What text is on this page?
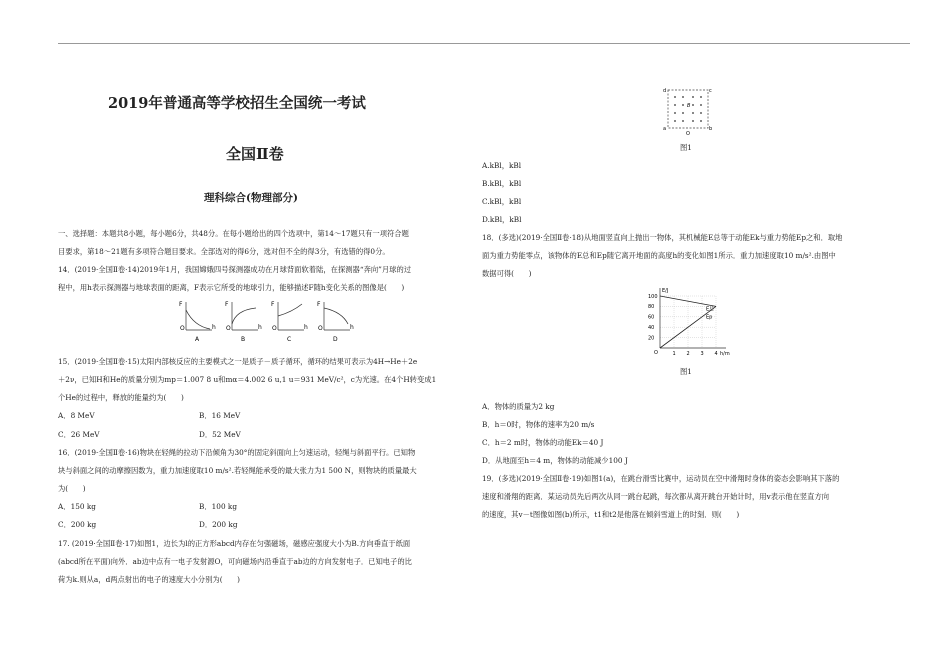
2019年普通高等学校招生全国统一考试
全国Ⅱ卷
理科综合(物理部分)
一、选择题：本题共8小题，每小题6分，共48分。在每小题给出的四个选项中，第14～17题只有一项符合题
目要求，第18～21题有多项符合题目要求。全部选对的得6分，选对但不全的得3分，有选错的得0分。
14．(2019·全国Ⅱ卷·14)2019年1月，我国嫦娥四号探测器成功在月球背面软着陆，在探测器“奔向”月球的过
程中，用h表示探测器与地球表面的距离，F表示它所受的地球引力，能够描述F随h变化关系的图像是(　　)
F
h
O
A
F
h
O
B
F
h
O
C
F
h
O
D
15．(2019·全国Ⅱ卷·15)太阳内部核反应的主要模式之一是质子－质子循环，循环的结果可表示为4H→He＋2e
＋2ν，已知H和He的质量分别为mp＝1.007 8 u和mα＝4.002 6 u,1 u＝931 MeV/c²，c为光速。在4个H转变成1
个He的过程中，释放的能量约为(　　)
A．8 MeV	B．16 MeV
C．26 MeV	D．52 MeV
16．(2019·全国Ⅱ卷·16)物块在轻绳的拉动下沿倾角为30°的固定斜面向上匀速运动，轻绳与斜面平行。已知物
块与斜面之间的动摩擦因数为，重力加速度取10 m/s².若轻绳能承受的最大张力为1 500 N，则物块的质量最大
为(　　)
A．150 kg	B．100 kg
C．200 kg	D．200 kg
17. (2019·全国Ⅱ卷·17)如图1，边长为l的正方形abcd内存在匀强磁场，磁感应强度大小为B.方向垂直于纸面
(abcd所在平面)向外．ab边中点有一电子发射源O，可向磁场内沿垂直于ab边的方向发射电子．已知电子的比
荷为k.则从a，d两点射出的电子的速度大小分别为(　　)
d	c
a	b
B
O
图1
A.kBl，kBl
B.kBl，kBl
C.kBl，kBl
D.kBl，kBl
18．(多选)(2019·全国Ⅱ卷·18)从地面竖直向上抛出一物体，其机械能E总等于动能Ek与重力势能Ep之和．取地
面为重力势能零点，该物体的E总和Ep随它离开地面的高度h的变化如图1所示．重力加速度取10 m/s².由图中
数据可得(　　)
E总
Ep
1 2 3 4
20
40
60
80
100
E/J
h/m
O
图1
A．物体的质量为2 kg
B．h＝0时，物体的速率为20 m/s
C．h＝2 m时，物体的动能Ek＝40 J
D．从地面至h＝4 m，物体的动能减少100 J
19．(多选)(2019·全国Ⅱ卷·19)如图1(a)，在跳台滑雪比赛中，运动员在空中滑翔时身体的姿态会影响其下落的
速度和滑翔的距离．某运动员先后两次从同一跳台起跳，每次都从离开跳台开始计时，用v表示他在竖直方向
的速度，其v－t图像如图(b)所示，t1和t2是他落在倾斜雪道上的时刻．则(　　)
